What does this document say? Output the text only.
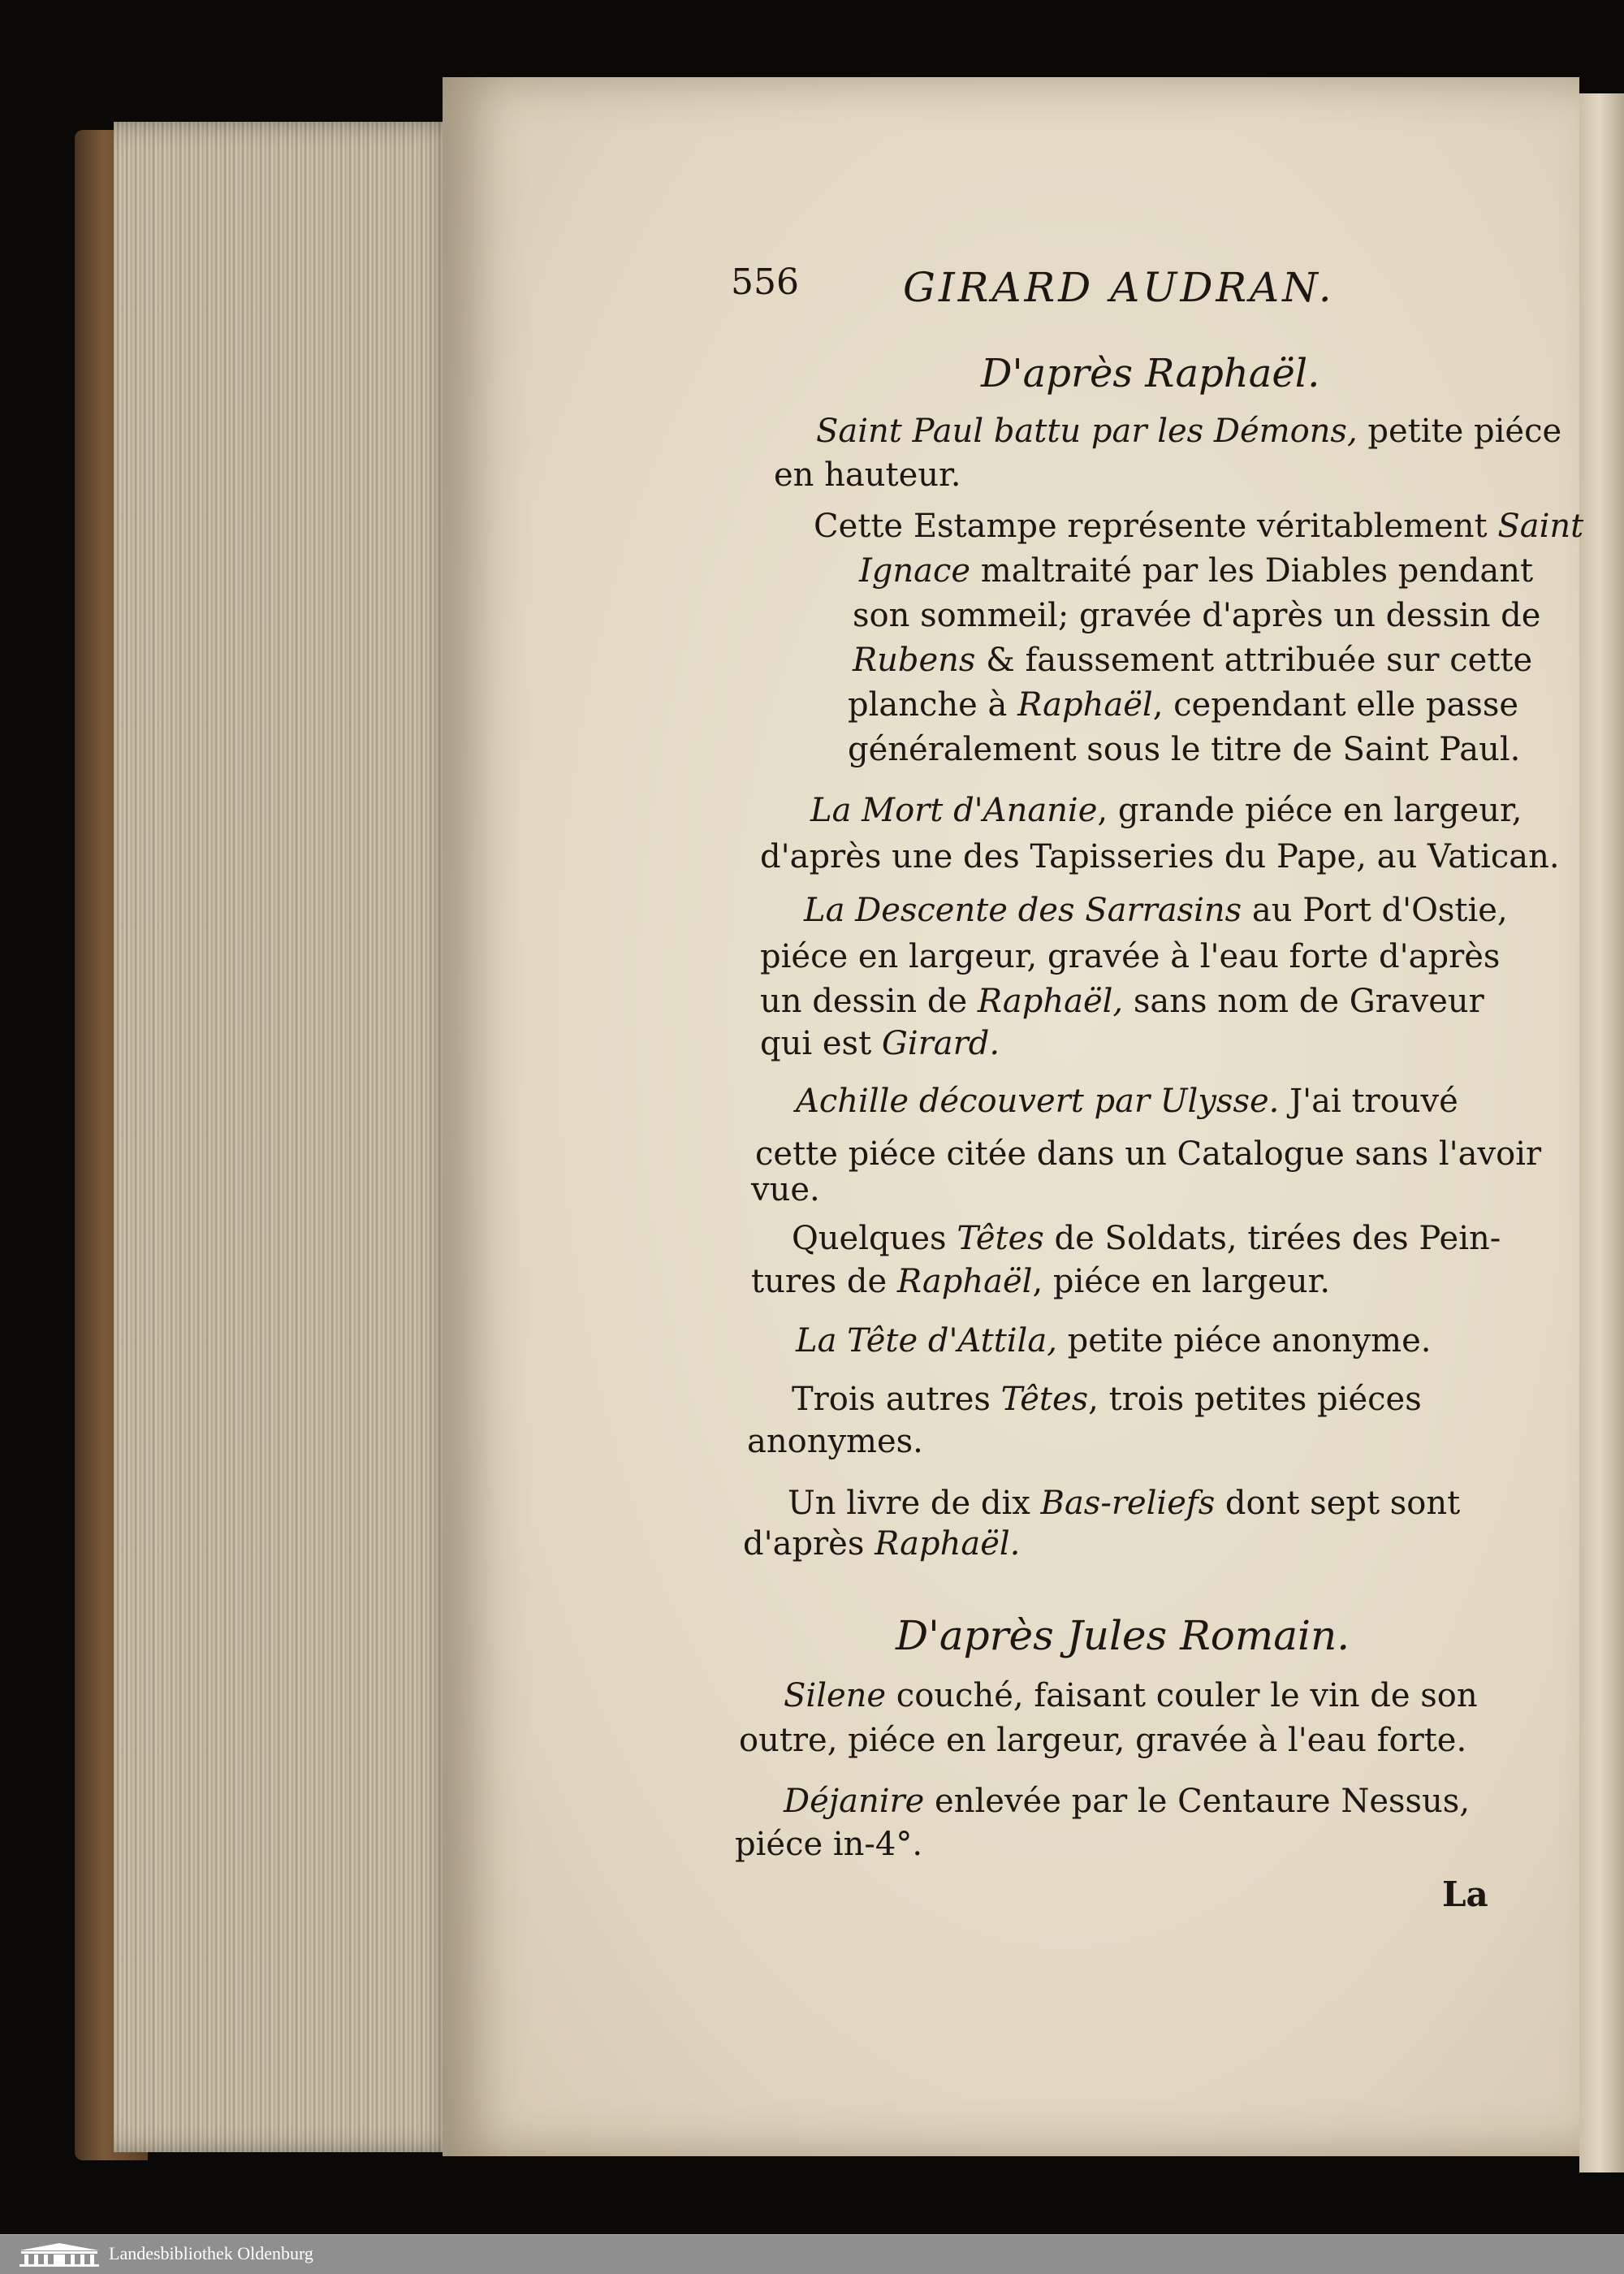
556	GIRARD AUDRAN.
D'après Raphaël.
Saint Paul battu par les Démons, petite piéce
en hauteur.
Cette Estampe représente véritablement Saint
Ignace maltraité par les Diables pendant
son sommeil; gravée d'après un dessin de
Rubens & faussement attribuée sur cette
planche à Raphaël, cependant elle passe
généralement sous le titre de Saint Paul.
La Mort d'Ananie, grande piéce en largeur,
d'après une des Tapisseries du Pape, au Vatican.
La Descente des Sarrasins au Port d'Ostie,
piéce en largeur, gravée à l'eau forte d'après
un dessin de Raphaël, sans nom de Graveur
qui est Girard.
Achille découvert par Ulysse. J'ai trouvé
cette piéce citée dans un Catalogue sans l'avoir
vue.
Quelques Têtes de Soldats, tirées des Pein-
tures de Raphaël, piéce en largeur.
La Tête d'Attila, petite piéce anonyme.
Trois autres Têtes, trois petites piéces
anonymes.
Un livre de dix Bas-reliefs dont sept sont
d'après Raphaël.
D'après Jules Romain.
Silene couché, faisant couler le vin de son
outre, piéce en largeur, gravée à l'eau forte.
Déjanire enlevée par le Centaure Nessus,
piéce in-4°.
La
Landesbibliothek Oldenburg
